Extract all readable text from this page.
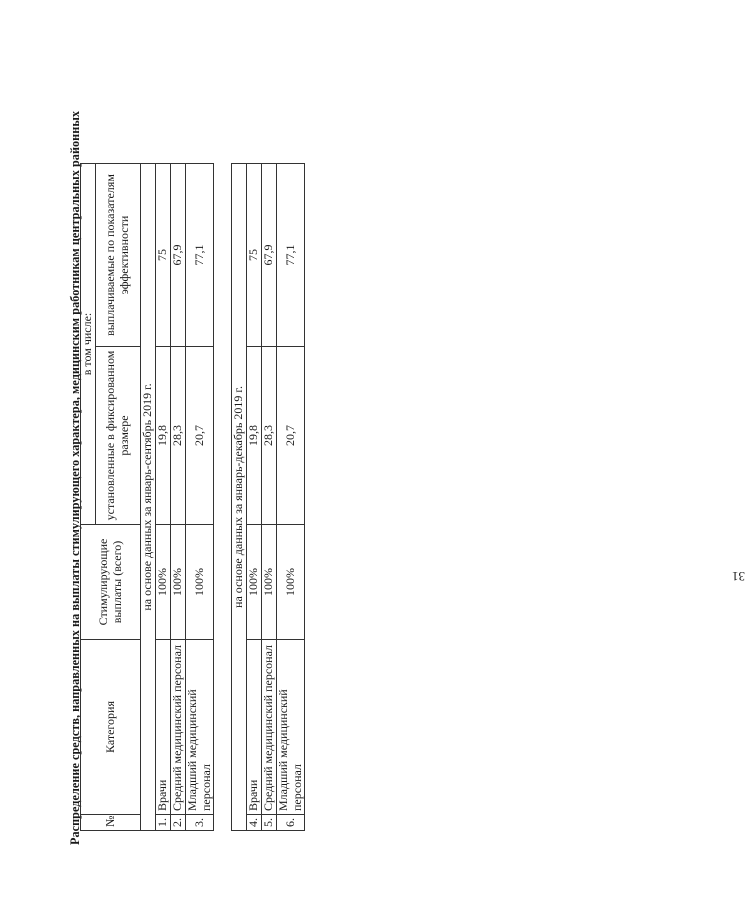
Распределение средств, направленных на выплаты стимулирующего характера, медицинским работникам центральных районных №	Категория	Стимулирующие выплаты (всего)	в том числе:	
			установленные в фиксированном размере	выплачиваемые по показателям эффективности
на основе данных за январь-сентябрь 2019 г.				
1.	Врачи	100%	19,8	75
2.	Средний медицинский персонал	100%	28,3	67,9
3.	Младший медицинский персонал	100%	20,7	77,1
на основе данных за январь-декабрь 2019 г.				
4.	Врачи	100%	19,8	75
5.	Средний медицинский персонал	100%	28,3	67,9
6.	Младший медицинский персонал	100%	20,7	77,1
31
